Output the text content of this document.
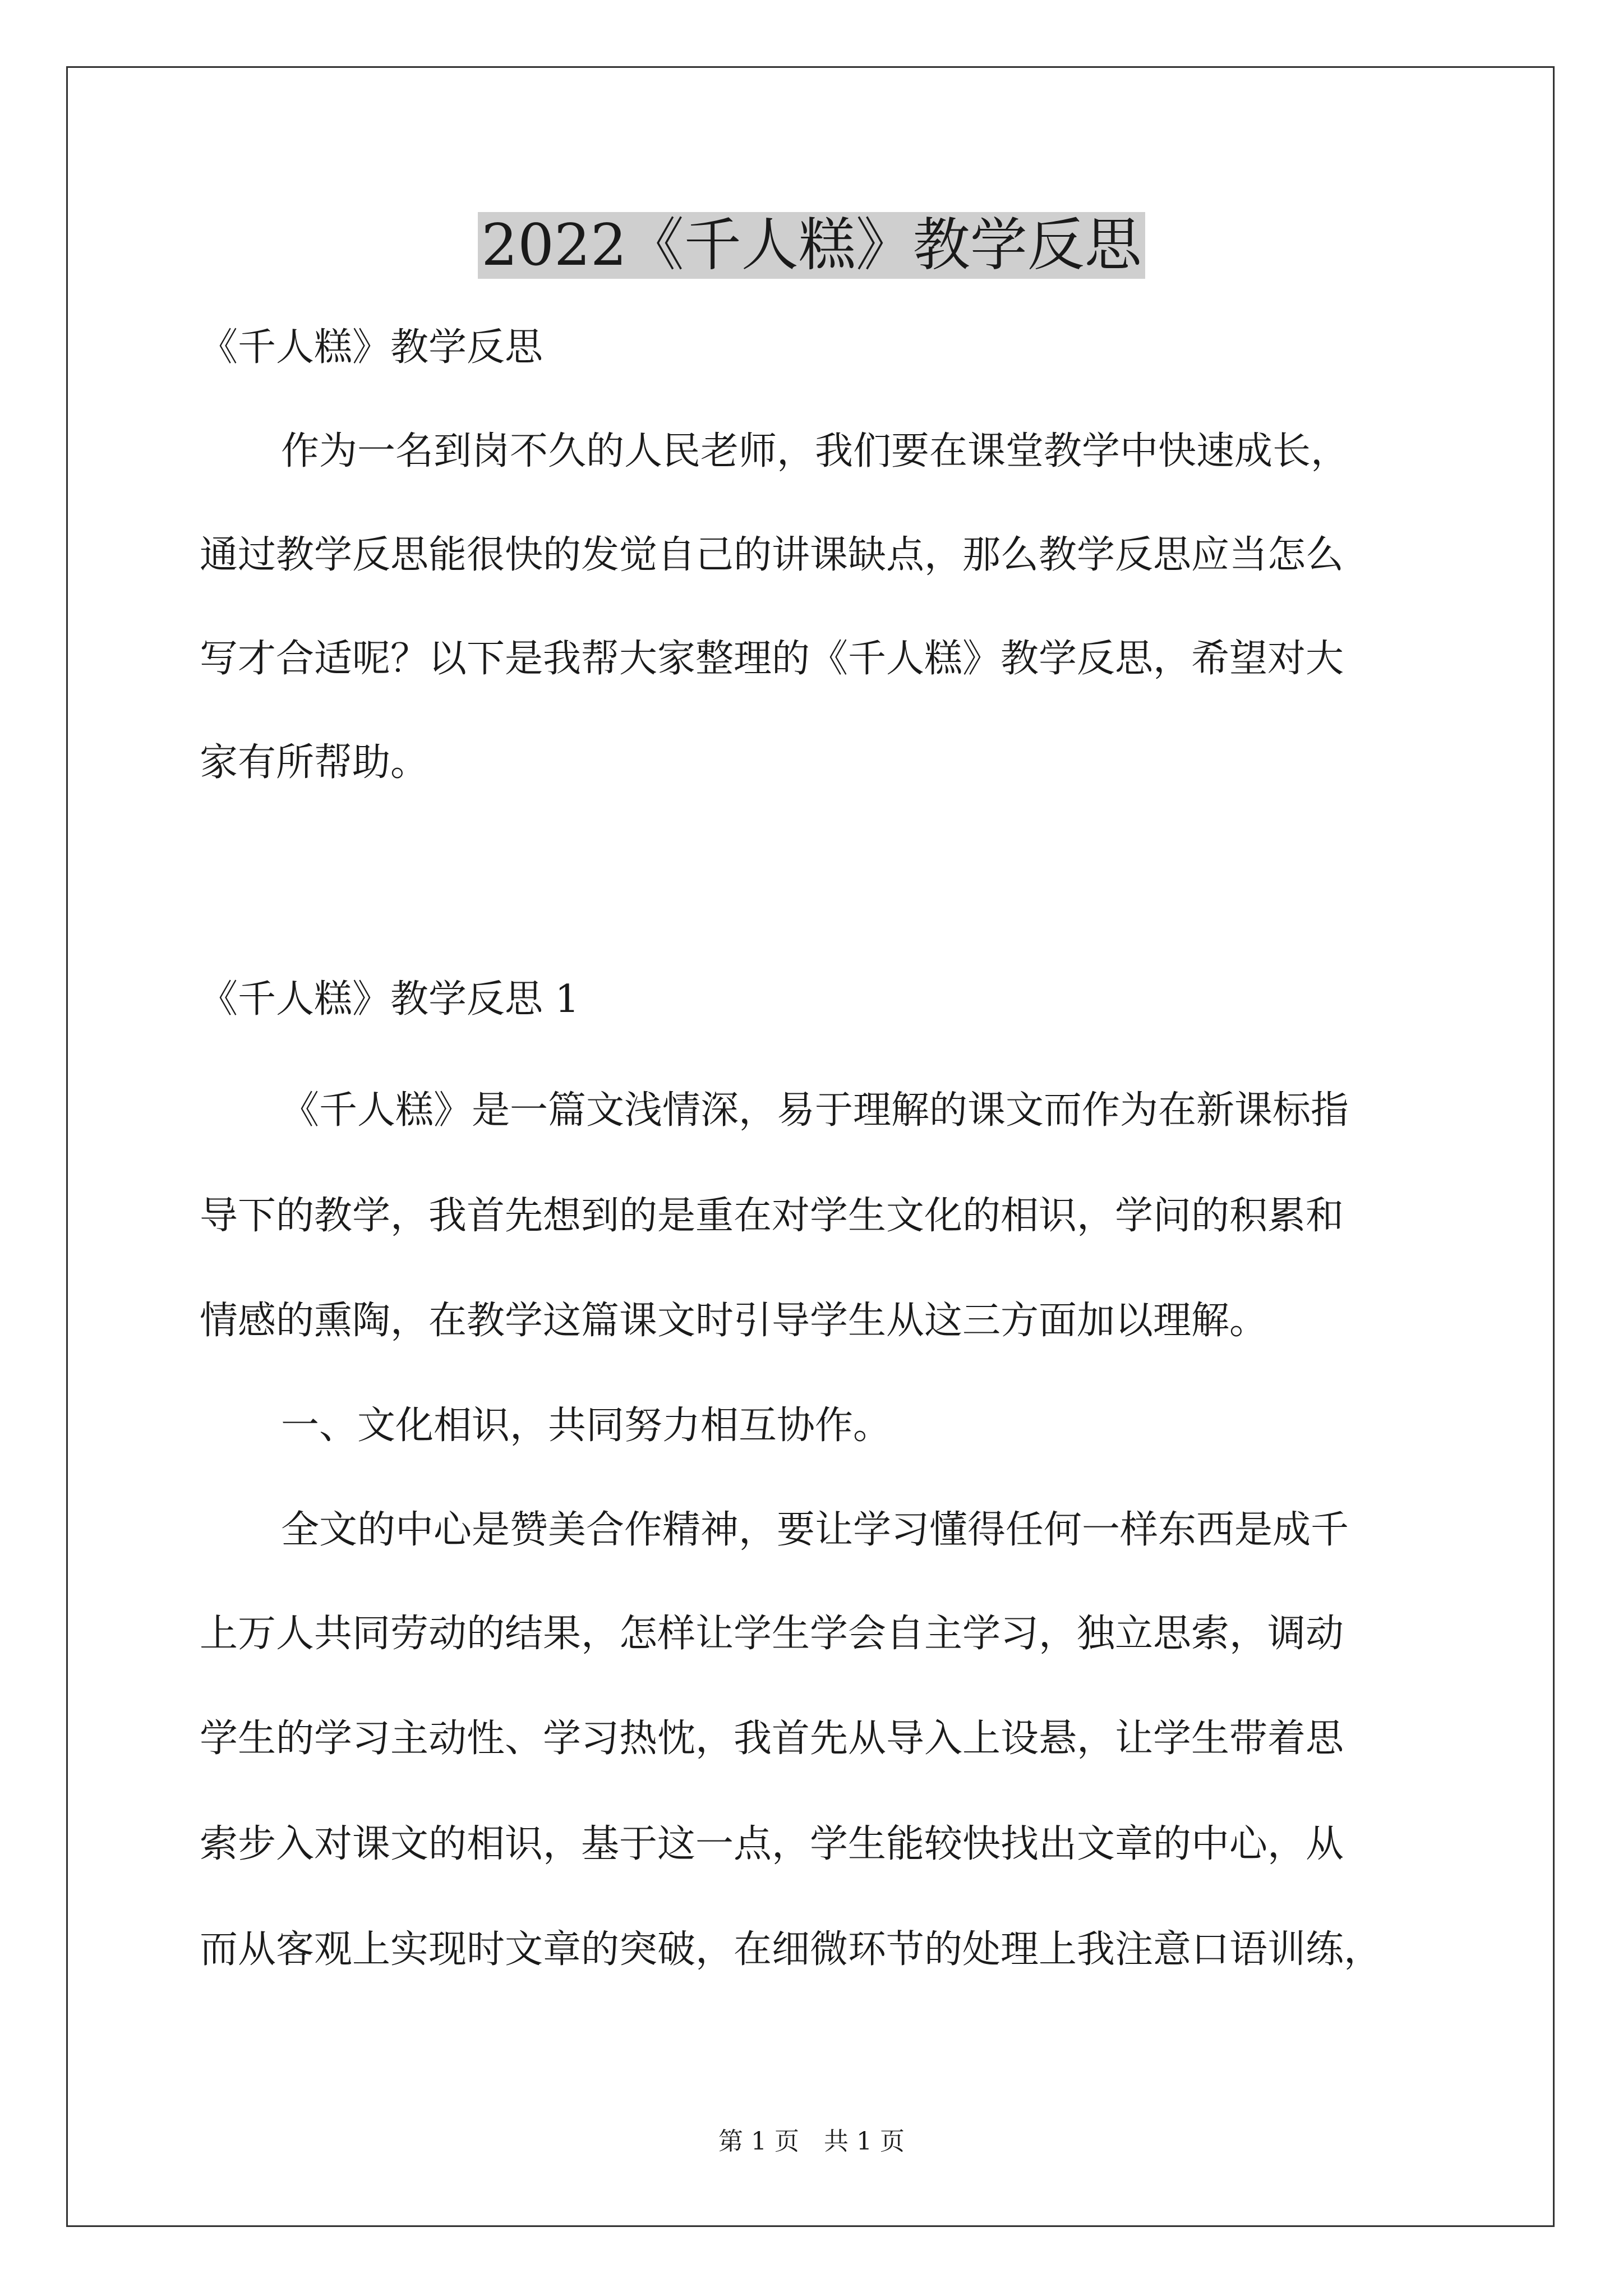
2022《千人糕》教学反思
《千人糕》教学反思
作为一名到岗不久的人民老师，我们要在课堂教学中快速成长，
通过教学反思能很快的发觉自己的讲课缺点，那么教学反思应当怎么
写才合适呢？以下是我帮大家整理的《千人糕》教学反思，希望对大
家有所帮助。
《千人糕》教学反思 1
《千人糕》是一篇文浅情深，易于理解的课文而作为在新课标指
导下的教学，我首先想到的是重在对学生文化的相识，学问的积累和
情感的熏陶，在教学这篇课文时引导学生从这三方面加以理解。
一、文化相识，共同努力相互协作。
全文的中心是赞美合作精神，要让学习懂得任何一样东西是成千
上万人共同劳动的结果，怎样让学生学会自主学习，独立思索，调动
学生的学习主动性、学习热忱，我首先从导入上设悬，让学生带着思
索步入对课文的相识，基于这一点，学生能较快找出文章的中心，从
而从客观上实现时文章的突破，在细微环节的处理上我注意口语训练，
第 1 页　共 1 页
